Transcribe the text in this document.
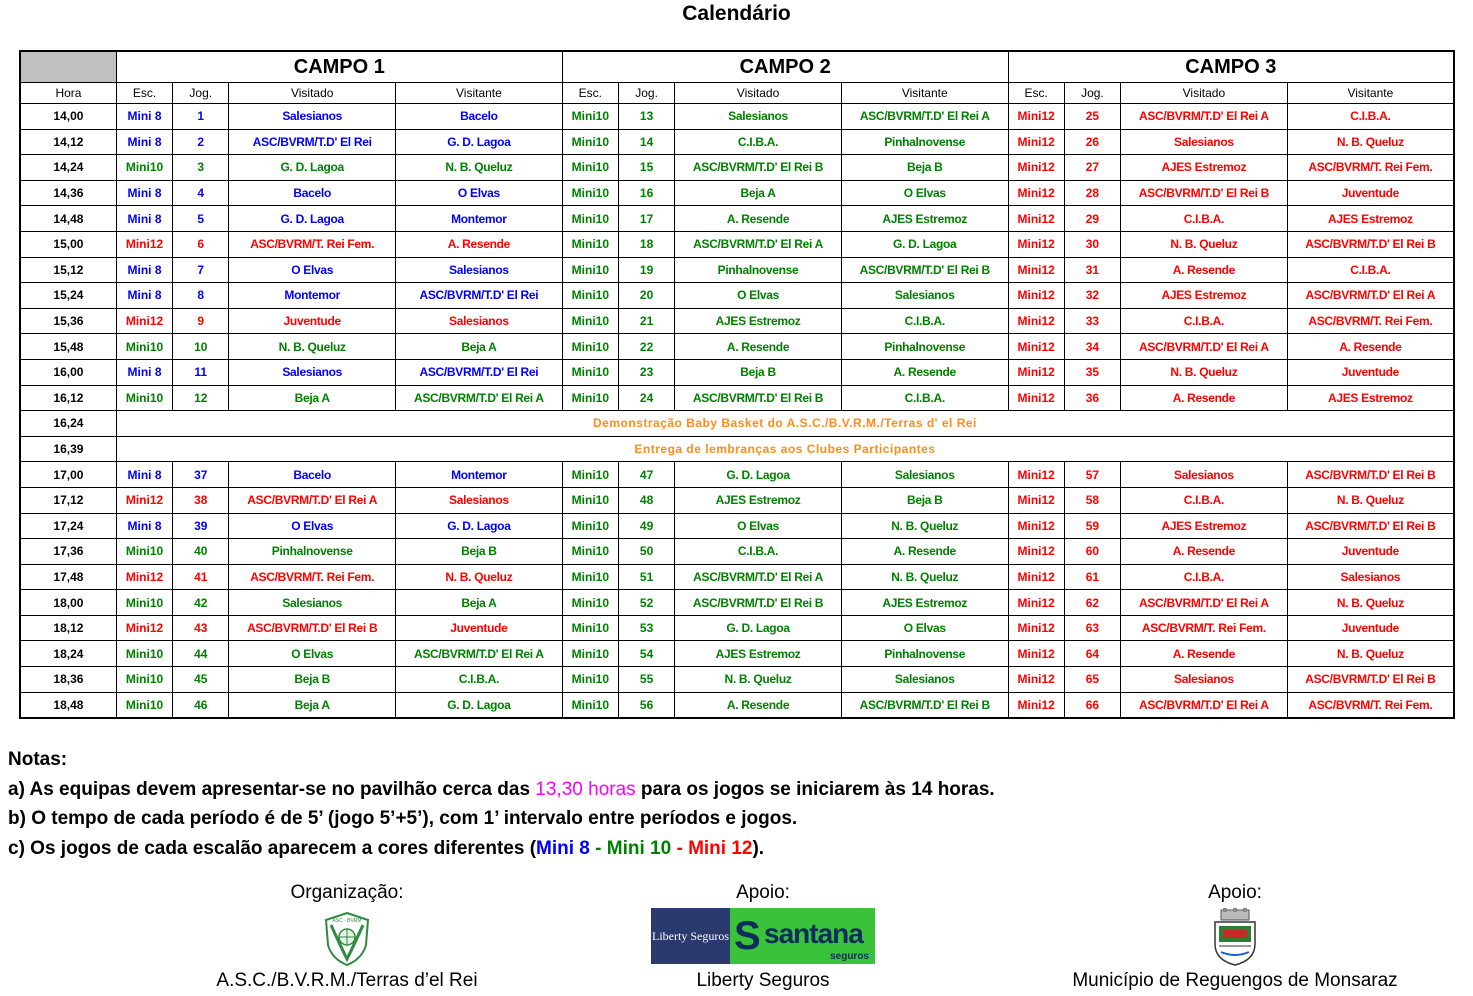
Calendário
	CAMPO 1				CAMPO 2				CAMPO 3			
Hora	Esc.	Jog.	Visitado	Visitante	Esc.	Jog.	Visitado	Visitante	Esc.	Jog.	Visitado	Visitante
14,00	Mini 8	1	Salesianos	Bacelo	Mini10	13	Salesianos	ASC/BVRM/T.D' El Rei A	Mini12	25	ASC/BVRM/T.D' El Rei A	C.I.B.A.
14,12	Mini 8	2	ASC/BVRM/T.D' El Rei	G. D. Lagoa	Mini10	14	C.I.B.A.	Pinhalnovense	Mini12	26	Salesianos	N. B. Queluz
14,24	Mini10	3	G. D. Lagoa	N. B. Queluz	Mini10	15	ASC/BVRM/T.D' El Rei B	Beja B	Mini12	27	AJES Estremoz	ASC/BVRM/T. Rei Fem.
14,36	Mini 8	4	Bacelo	O Elvas	Mini10	16	Beja A	O Elvas	Mini12	28	ASC/BVRM/T.D' El Rei B	Juventude
14,48	Mini 8	5	G. D. Lagoa	Montemor	Mini10	17	A. Resende	AJES Estremoz	Mini12	29	C.I.B.A.	AJES Estremoz
15,00	Mini12	6	ASC/BVRM/T. Rei Fem.	A. Resende	Mini10	18	ASC/BVRM/T.D' El Rei A	G. D. Lagoa	Mini12	30	N. B. Queluz	ASC/BVRM/T.D' El Rei B
15,12	Mini 8	7	O Elvas	Salesianos	Mini10	19	Pinhalnovense	ASC/BVRM/T.D' El Rei B	Mini12	31	A. Resende	C.I.B.A.
15,24	Mini 8	8	Montemor	ASC/BVRM/T.D' El Rei	Mini10	20	O Elvas	Salesianos	Mini12	32	AJES Estremoz	ASC/BVRM/T.D' El Rei A
15,36	Mini12	9	Juventude	Salesianos	Mini10	21	AJES Estremoz	C.I.B.A.	Mini12	33	C.I.B.A.	ASC/BVRM/T. Rei Fem.
15,48	Mini10	10	N. B. Queluz	Beja A	Mini10	22	A. Resende	Pinhalnovense	Mini12	34	ASC/BVRM/T.D' El Rei A	A. Resende
16,00	Mini 8	11	Salesianos	ASC/BVRM/T.D' El Rei	Mini10	23	Beja B	A. Resende	Mini12	35	N. B. Queluz	Juventude
16,12	Mini10	12	Beja A	ASC/BVRM/T.D' El Rei A	Mini10	24	ASC/BVRM/T.D' El Rei B	C.I.B.A.	Mini12	36	A. Resende	AJES Estremoz
16,24	Demonstração Baby Basket do A.S.C./B.V.R.M./Terras d' el Rei											
16,39	Entrega de lembranças aos Clubes Participantes											
17,00	Mini 8	37	Bacelo	Montemor	Mini10	47	G. D. Lagoa	Salesianos	Mini12	57	Salesianos	ASC/BVRM/T.D' El Rei B
17,12	Mini12	38	ASC/BVRM/T.D' El Rei A	Salesianos	Mini10	48	AJES Estremoz	Beja B	Mini12	58	C.I.B.A.	N. B. Queluz
17,24	Mini 8	39	O Elvas	G. D. Lagoa	Mini10	49	O Elvas	N. B. Queluz	Mini12	59	AJES Estremoz	ASC/BVRM/T.D' El Rei B
17,36	Mini10	40	Pinhalnovense	Beja B	Mini10	50	C.I.B.A.	A. Resende	Mini12	60	A. Resende	Juventude
17,48	Mini12	41	ASC/BVRM/T. Rei Fem.	N. B. Queluz	Mini10	51	ASC/BVRM/T.D' El Rei A	N. B. Queluz	Mini12	61	C.I.B.A.	Salesianos
18,00	Mini10	42	Salesianos	Beja A	Mini10	52	ASC/BVRM/T.D' El Rei B	AJES Estremoz	Mini12	62	ASC/BVRM/T.D' El Rei A	N. B. Queluz
18,12	Mini12	43	ASC/BVRM/T.D' El Rei B	Juventude	Mini10	53	G. D. Lagoa	O Elvas	Mini12	63	ASC/BVRM/T. Rei Fem.	Juventude
18,24	Mini10	44	O Elvas	ASC/BVRM/T.D' El Rei A	Mini10	54	AJES Estremoz	Pinhalnovense	Mini12	64	A. Resende	N. B. Queluz
18,36	Mini10	45	Beja B	C.I.B.A.	Mini10	55	N. B. Queluz	Salesianos	Mini12	65	Salesianos	ASC/BVRM/T.D' El Rei B
18,48	Mini10	46	Beja A	G. D. Lagoa	Mini10	56	A. Resende	ASC/BVRM/T.D' El Rei B	Mini12	66	ASC/BVRM/T.D' El Rei A	ASC/BVRM/T. Rei Fem.
Notas:
a) As equipas devem apresentar-se no pavilhão cerca das 13,30 horas para os jogos se iniciarem às 14 horas.
b) O tempo de cada período é de 5’ (jogo 5’+5’), com 1’ intervalo entre períodos e jogos.
c) Os jogos de cada escalão aparecem a cores diferentes (Mini 8 - Mini 10 - Mini 12).
Organização:
ASC · BVRM
A.S.C./B.V.R.M./Terras d’el Rei
Apoio:
Liberty Seguros S santana
seguros
Liberty Seguros
Apoio:
Município de Reguengos de Monsaraz
